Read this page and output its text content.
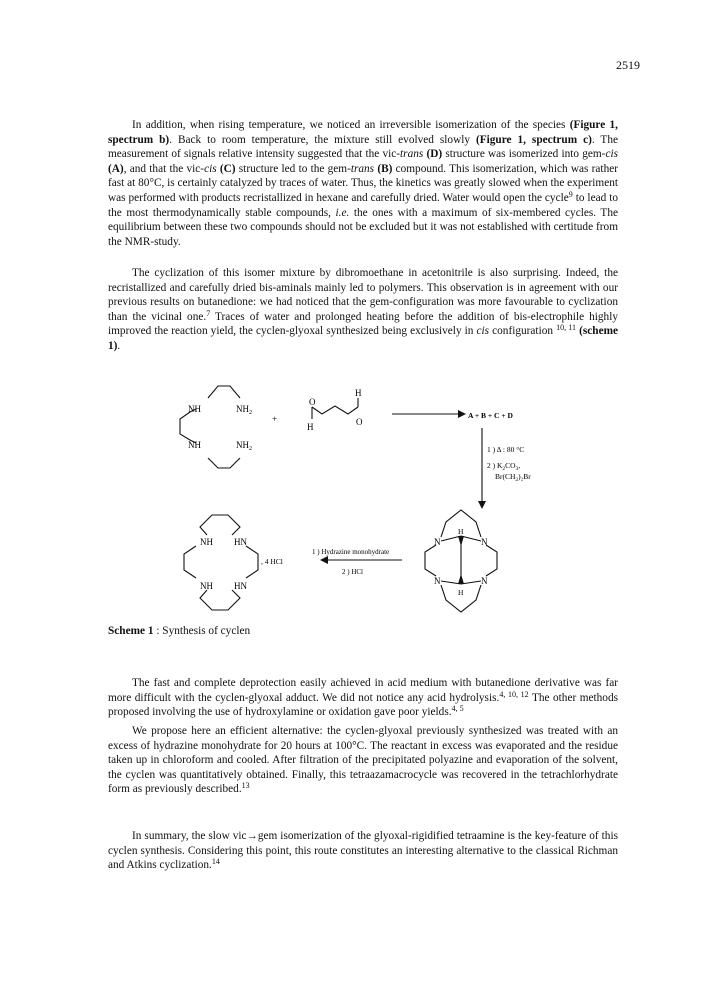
2519

In addition, when rising temperature, we noticed an irreversible isomerization of the species (Figure 1, spectrum b). Back to room temperature, the mixture still evolved slowly (Figure 1, spectrum c). The measurement of signals relative intensity suggested that the vic-trans (D) structure was isomerized into gem-cis (A), and that the vic-cis (C) structure led to the gem-trans (B) compound. This isomerization, which was rather fast at 80°C, is certainly catalyzed by traces of water. Thus, the kinetics was greatly slowed when the experiment was performed with products recristallized in hexane and carefully dried. Water would open the cycle$^9$ to lead to the most thermodynamically stable compounds, i.e. the ones with a maximum of six-membered cycles. The equilibrium between these two compounds should not be excluded but it was not established with certitude from the NMR-study.

The cyclization of this isomer mixture by dibromoethane in acetonitrile is also surprising. Indeed, the recristallized and carefully dried bis-aminals mainly led to polymers. This observation is in agreement with our previous results on butanedione: we had noticed that the gem-configuration was more favourable to cyclization than the vicinal one.$^7$ Traces of water and prolonged heating before the addition of bis-electrophile highly improved the reaction yield, the cyclen-glyoxal synthesized being exclusively in cis configuration $^{10, 11}$ (scheme 1).

NH	$NH_2$
+
NH	$NH_2$
O
H
H	O
A + B + C + D
1 ) Δ : 80 °C
2 ) $K_2CO_3$,
$Br(CH_2)_2Br$
NH HN
NH HN
, 4 HCl
1 ) Hydrazine monohydrate
2 ) HCl
N	N
N	N
H
H
Scheme 1 : Synthesis of cyclen

The fast and complete deprotection easily achieved in acid medium with butanedione derivative was far more difficult with the cyclen-glyoxal adduct. We did not notice any acid hydrolysis.$^{4, 10, 12}$ The other methods proposed involving the use of hydroxylamine or oxidation gave poor yields.$^{4, 5}$

We propose here an efficient alternative: the cyclen-glyoxal previously synthesized was treated with an excess of hydrazine monohydrate for 20 hours at 100°C. The reactant in excess was evaporated and the residue taken up in chloroform and cooled. After filtration of the precipitated polyazine and evaporation of the solvent, the cyclen was quantitatively obtained. Finally, this tetraazamacrocycle was recovered in the tetrachlorhydrate form as previously described.$^{13}$

In summary, the slow vic→gem isomerization of the glyoxal-rigidified tetraamine is the key-feature of this cyclen synthesis. Considering this point, this route constitutes an interesting alternative to the classical Richman and Atkins cyclization.$^{14}$
